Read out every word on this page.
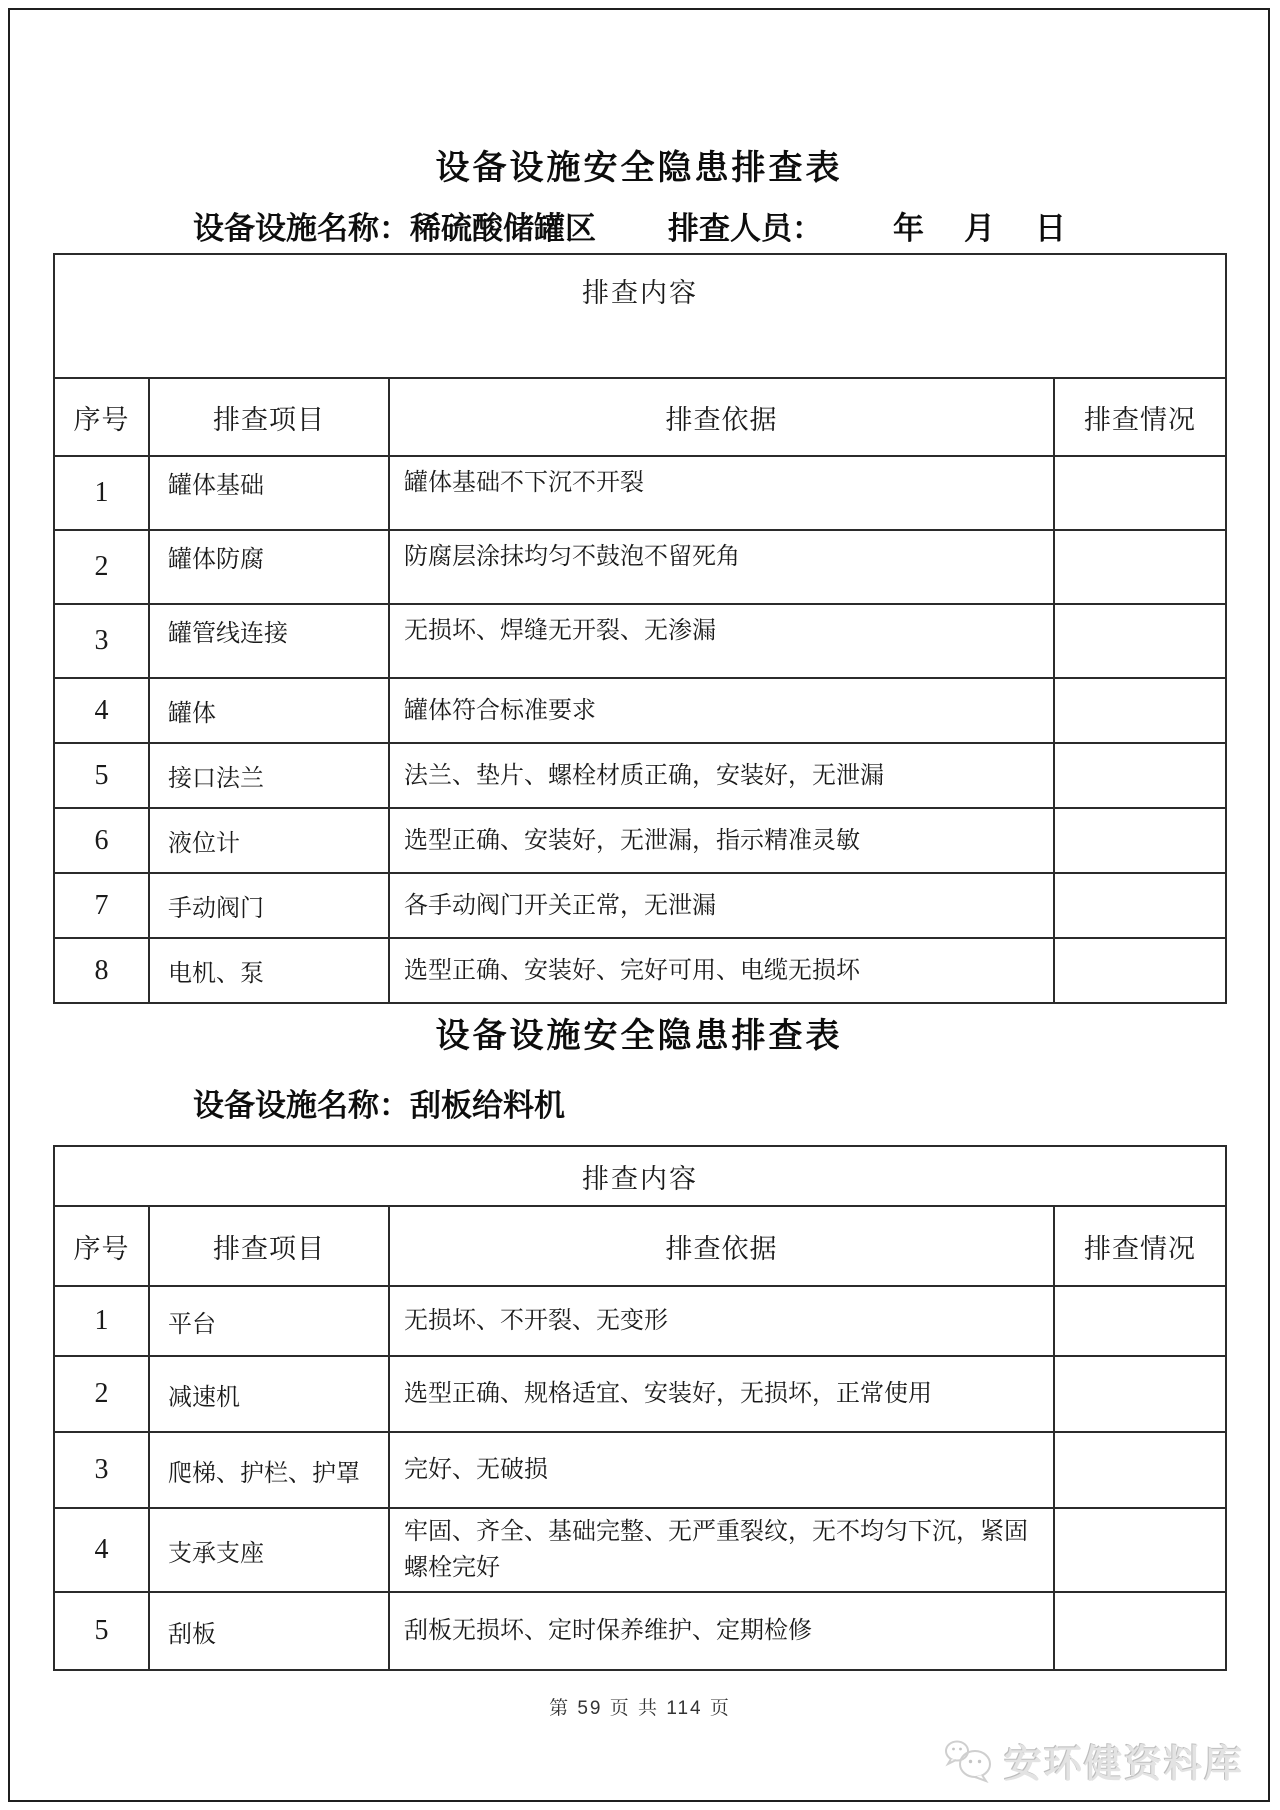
设备设施安全隐患排查表
设备设施名称：稀硫酸储罐区 排查人员： 年 月 日
排查内容			
序号	排查项目	排查依据	排查情况
1	罐体基础	罐体基础不下沉不开裂	
2	罐体防腐	防腐层涂抹均匀不鼓泡不留死角	
3	罐管线连接	无损坏、焊缝无开裂、无渗漏	
4	罐体	罐体符合标准要求	
5	接口法兰	法兰、垫片、螺栓材质正确，安装好，无泄漏	
6	液位计	选型正确、安装好，无泄漏，指示精准灵敏	
7	手动阀门	各手动阀门开关正常，无泄漏	
8	电机、泵	选型正确、安装好、完好可用、电缆无损坏	
设备设施安全隐患排查表
设备设施名称：刮板给料机
排查内容			
序号	排查项目	排查依据	排查情况
1	平台	无损坏、不开裂、无变形	
2	减速机	选型正确、规格适宜、安装好，无损坏，正常使用	
3	爬梯、护栏、护罩	完好、无破损	
4	支承支座	牢固、齐全、基础完整、无严重裂纹，无不均匀下沉，紧固螺栓完好	
5	刮板	刮板无损坏、定时保养维护、定期检修	
第 59 页 共 114 页
安环健资料库
